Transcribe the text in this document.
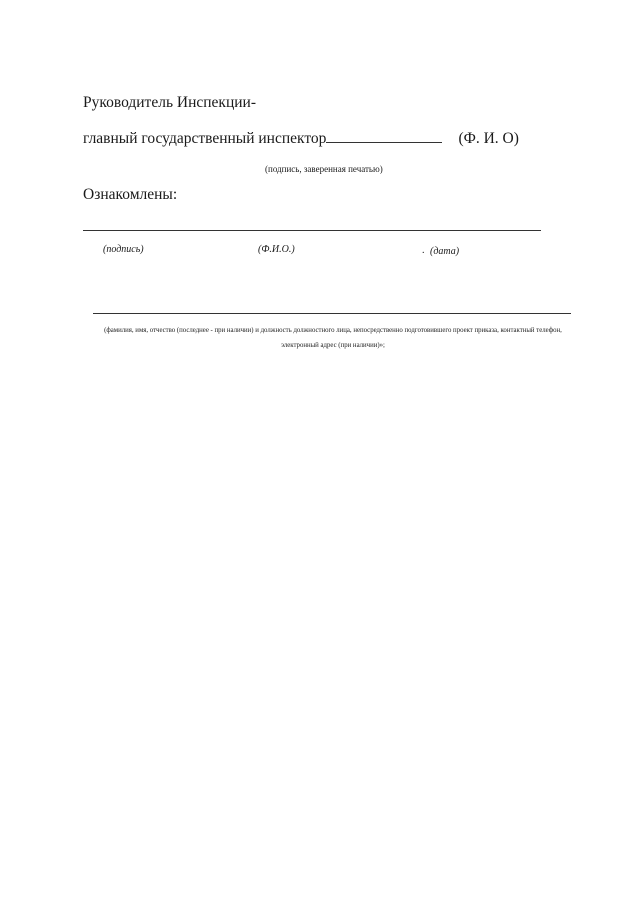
Руководитель Инспекции-
главный государственный инспектор	(Ф. И. О)
(подпись, заверенная печатью)
Ознакомлены:
(подпись)	(Ф.И.О.)	. (дата)
(фамилия, имя, отчество (последнее - при наличии) и должность должностного лица, непосредственно подготовившего проект приказа, контактный телефон, электронный адрес (при наличии)»;
